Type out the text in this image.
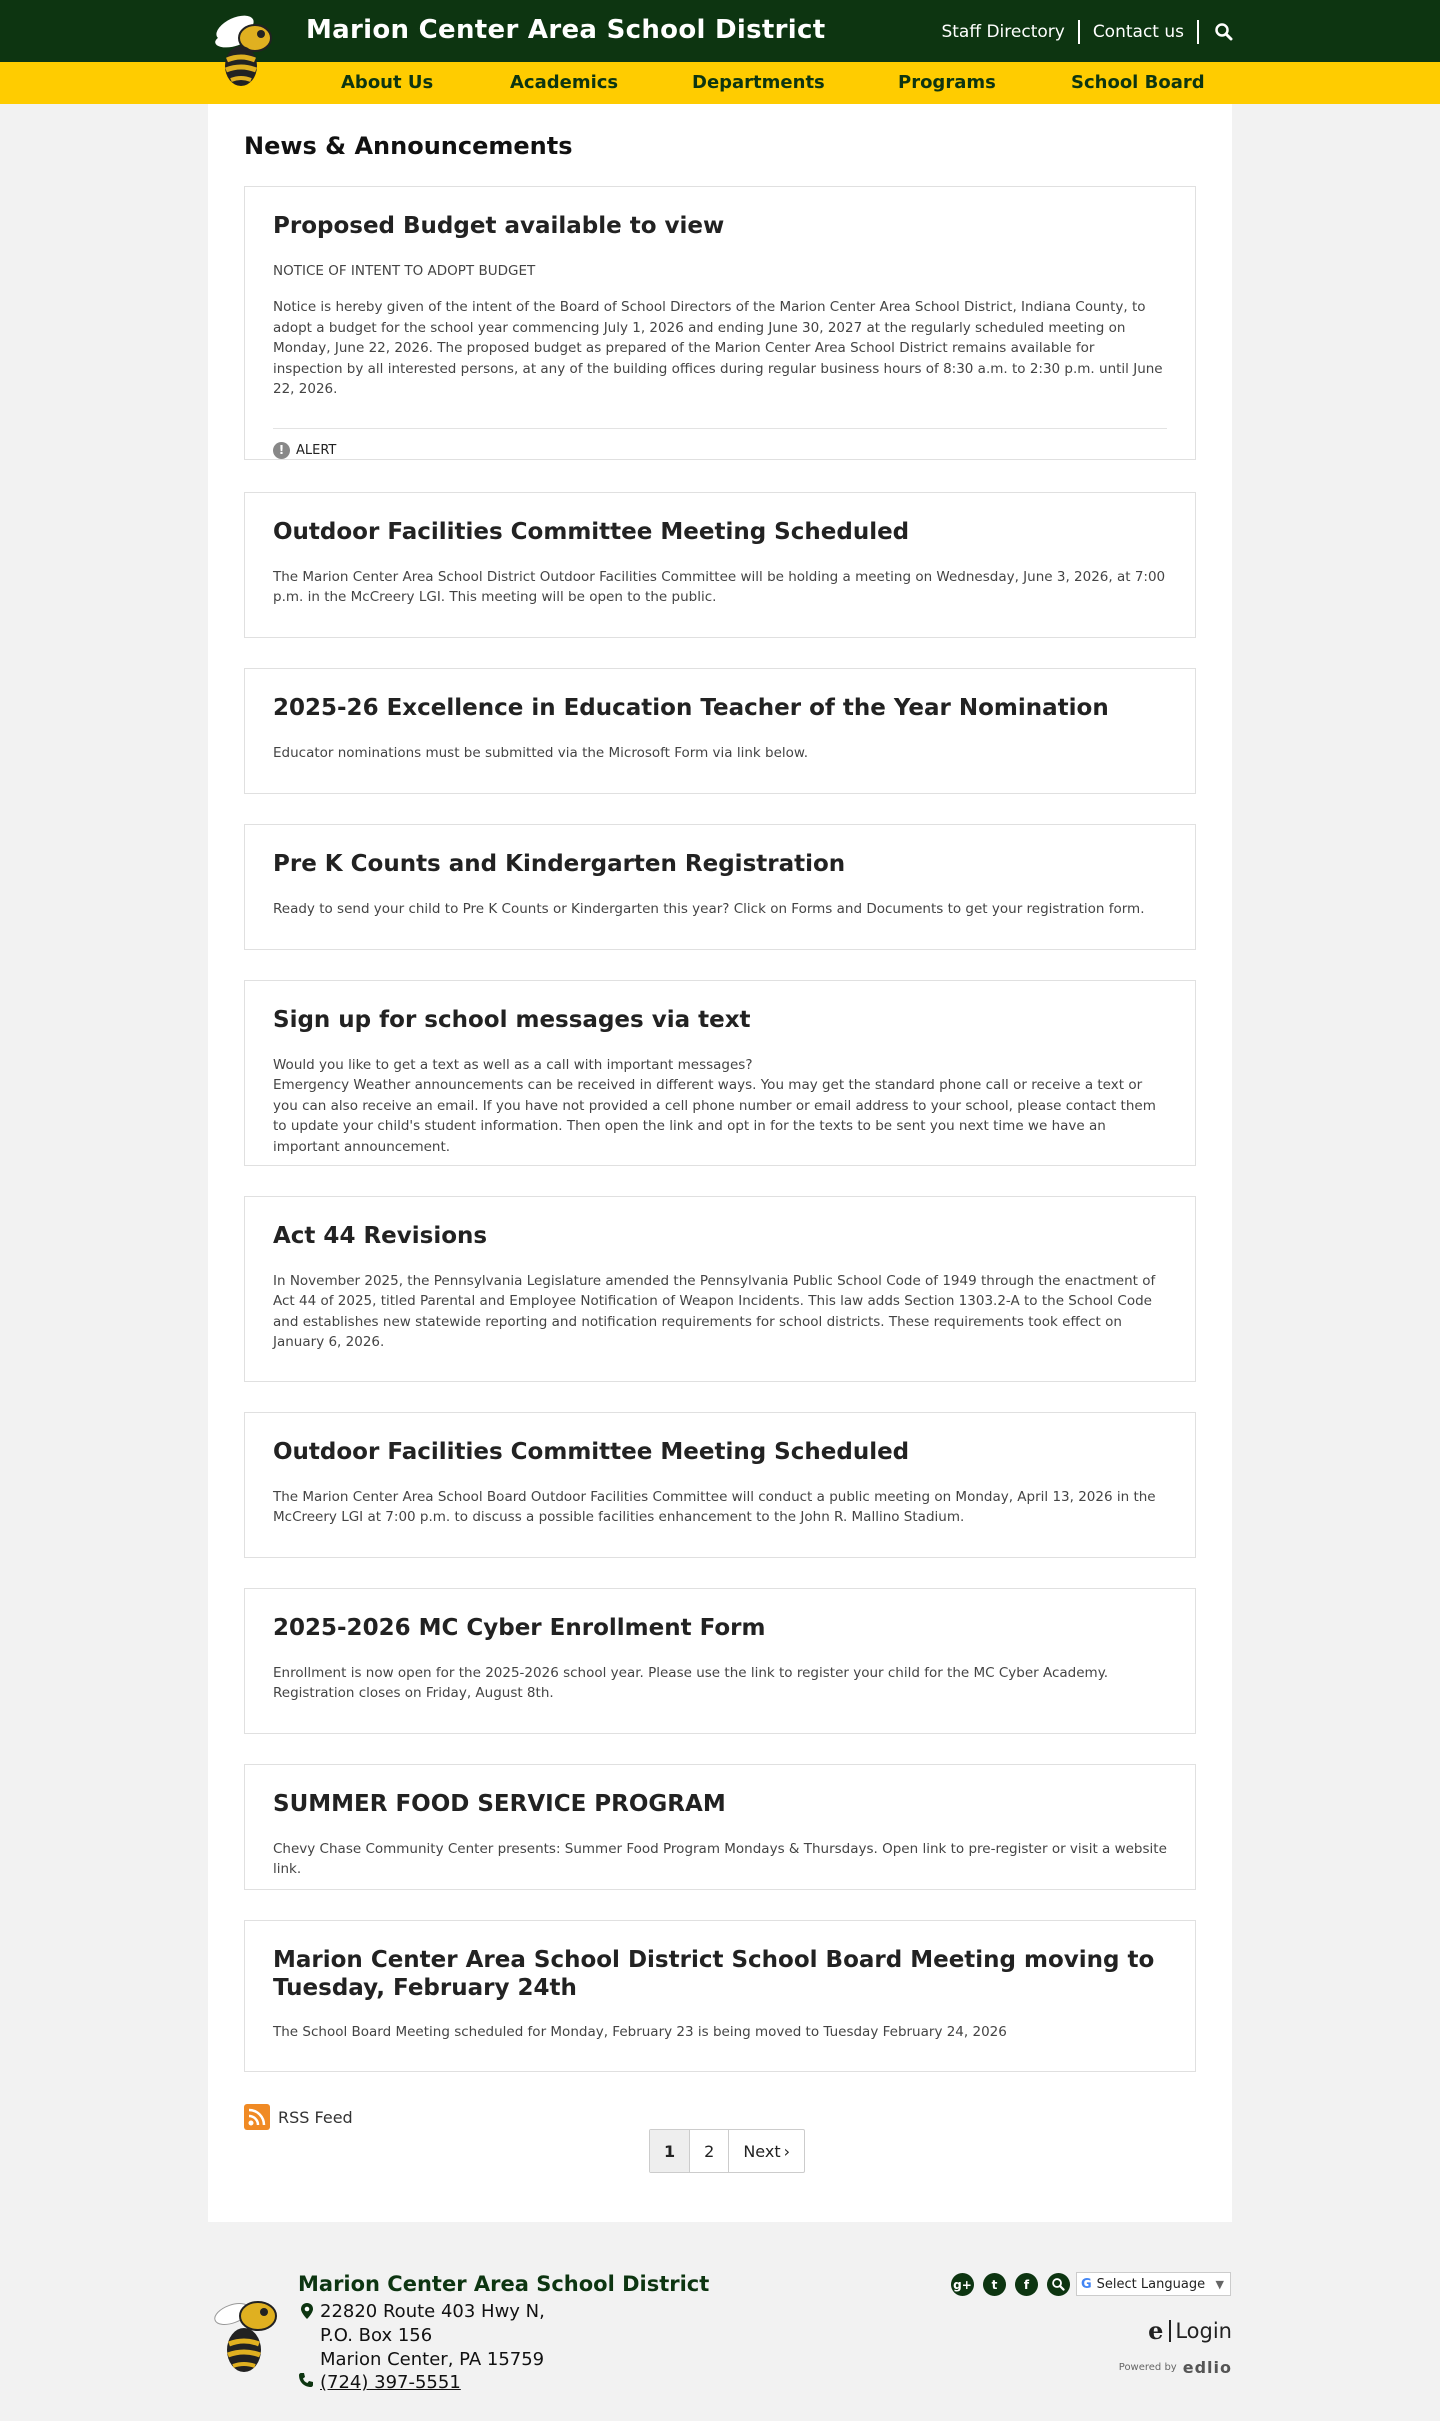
Marion Center Area School District	Staff Directory Contact us
About Us	Academics	Departments	Programs	School Board
News & Announcements
Proposed Budget available to view

NOTICE OF INTENT TO ADOPT BUDGET

Notice is hereby given of the intent of the Board of School Directors of the Marion Center Area School District, Indiana County, to adopt a budget for the school year commencing July 1, 2026 and ending June 30, 2027 at the regularly scheduled meeting on Monday, June 22, 2026. The proposed budget as prepared of the Marion Center Area School District remains available for inspection by all interested persons, at any of the building offices during regular business hours of 8:30 a.m. to 2:30 p.m. until June 22, 2026.

! ALERT
Outdoor Facilities Committee Meeting Scheduled

The Marion Center Area School District Outdoor Facilities Committee will be holding a meeting on Wednesday, June 3, 2026, at 7:00 p.m. in the McCreery LGI. This meeting will be open to the public.

2025-26 Excellence in Education Teacher of the Year Nomination

Educator nominations must be submitted via the Microsoft Form via link below.

Pre K Counts and Kindergarten Registration

Ready to send your child to Pre K Counts or Kindergarten this year? Click on Forms and Documents to get your registration form.

Sign up for school messages via text

Would you like to get a text as well as a call with important messages?
Emergency Weather announcements can be received in different ways. You may get the standard phone call or receive a text or you can also receive an email. If you have not provided a cell phone number or email address to your school, please contact them to update your child's student information. Then open the link and opt in for the texts to be sent you next time we have an important announcement.

Act 44 Revisions

In November 2025, the Pennsylvania Legislature amended the Pennsylvania Public School Code of 1949 through the enactment of Act 44 of 2025, titled Parental and Employee Notification of Weapon Incidents. This law adds Section 1303.2-A to the School Code and establishes new statewide reporting and notification requirements for school districts. These requirements took effect on January 6, 2026.

Outdoor Facilities Committee Meeting Scheduled

The Marion Center Area School Board Outdoor Facilities Committee will conduct a public meeting on Monday, April 13, 2026 in the McCreery LGI at 7:00 p.m. to discuss a possible facilities enhancement to the John R. Mallino Stadium.

2025-2026 MC Cyber Enrollment Form

Enrollment is now open for the 2025-2026 school year. Please use the link to register your child for the MC Cyber Academy. Registration closes on Friday, August 8th.

SUMMER FOOD SERVICE PROGRAM

Chevy Chase Community Center presents: Summer Food Program Mondays & Thursdays. Open link to pre-register or visit a website link.

Marion Center Area School District School Board Meeting moving to Tuesday, February 24th

The School Board Meeting scheduled for Monday, February 23 is being moved to Tuesday February 24, 2026

RSS Feed
1	2	Next ›
Marion Center Area School District
22820 Route 403 Hwy N,
P.O. Box 156
Marion Center, PA 15759
(724) 397-5551
g+	t	f	G Select Language ▼
e Login
Powered by edlio
